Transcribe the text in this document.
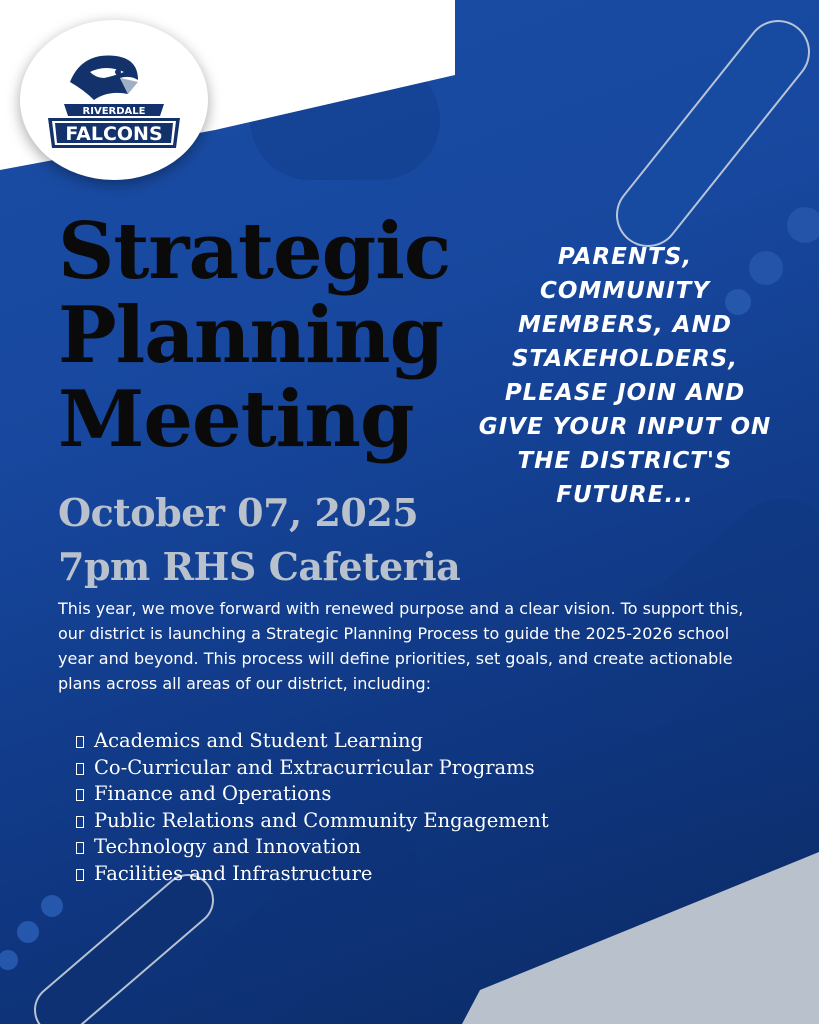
RIVERDALE
FALCONS
Strategic
Planning
Meeting

PARENTS, COMMUNITY MEMBERS, AND STAKEHOLDERS, PLEASE JOIN AND GIVE YOUR INPUT ON THE DISTRICT'S FUTURE...

October 07, 2025

7pm RHS Cafeteria

This year, we move forward with renewed purpose and a clear vision. To support this, our district is launching a Strategic Planning Process to guide the 2025-2026 school year and beyond. This process will define priorities, set goals, and create actionable plans across all areas of our district, including:

Academics and Student Learning
Co-Curricular and Extracurricular Programs
Finance and Operations
Public Relations and Community Engagement
Technology and Innovation
Facilities and Infrastructure
